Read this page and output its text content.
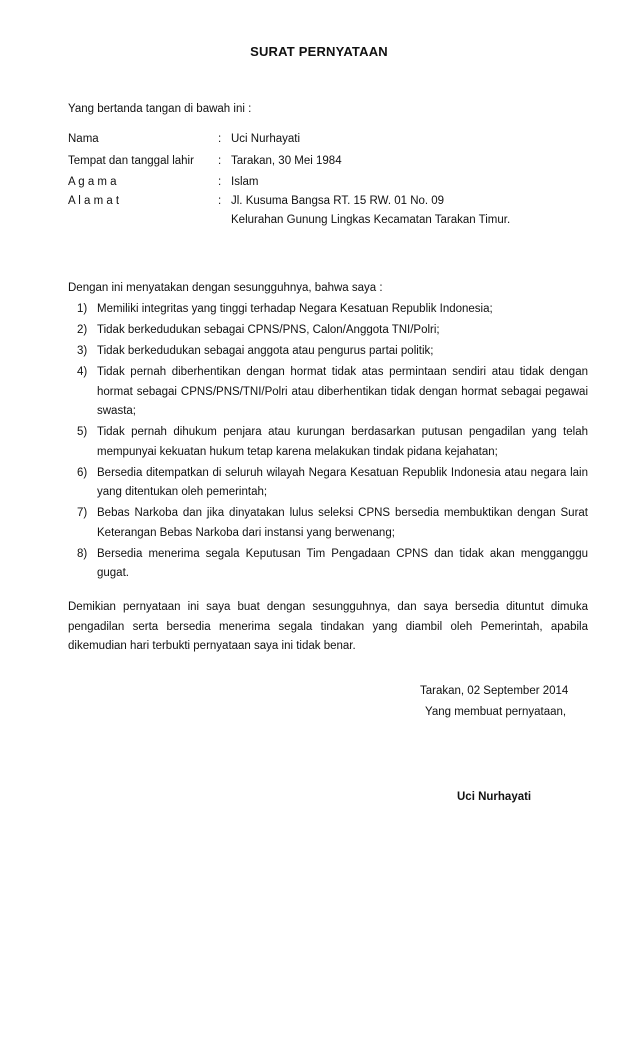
SURAT PERNYATAAN
Yang bertanda tangan di bawah ini :
Nama	: Uci Nurhayati
Tempat dan tanggal lahir : Tarakan, 30 Mei 1984
A g a m a	: Islam
A l a m a t	: Jl. Kusuma Bangsa RT. 15 RW. 01 No. 09
Kelurahan Gunung Lingkas Kecamatan Tarakan Timur.
Dengan ini menyatakan dengan sesungguhnya, bahwa saya :
1) Memiliki integritas yang tinggi terhadap Negara Kesatuan Republik Indonesia;
2) Tidak berkedudukan sebagai CPNS/PNS, Calon/Anggota TNI/Polri;
3) Tidak berkedudukan sebagai anggota atau pengurus partai politik;
4) Tidak pernah diberhentikan dengan hormat tidak atas permintaan sendiri atau tidak dengan hormat sebagai CPNS/PNS/TNI/Polri atau diberhentikan tidak dengan hormat sebagai pegawai swasta;
5) Tidak pernah dihukum penjara atau kurungan berdasarkan putusan pengadilan yang telah mempunyai kekuatan hukum tetap karena melakukan tindak pidana kejahatan;
6) Bersedia ditempatkan di seluruh wilayah Negara Kesatuan Republik Indonesia atau negara lain yang ditentukan oleh pemerintah;
7) Bebas Narkoba dan jika dinyatakan lulus seleksi CPNS bersedia membuktikan dengan Surat Keterangan Bebas Narkoba dari instansi yang berwenang;
8) Bersedia menerima segala Keputusan Tim Pengadaan CPNS dan tidak akan mengganggu gugat.
Demikian pernyataan ini saya buat dengan sesungguhnya, dan saya bersedia dituntut dimuka pengadilan serta bersedia menerima segala tindakan yang diambil oleh Pemerintah, apabila dikemudian hari terbukti pernyataan saya ini tidak benar.
Tarakan, 02 September 2014
Yang membuat pernyataan,
Uci Nurhayati
